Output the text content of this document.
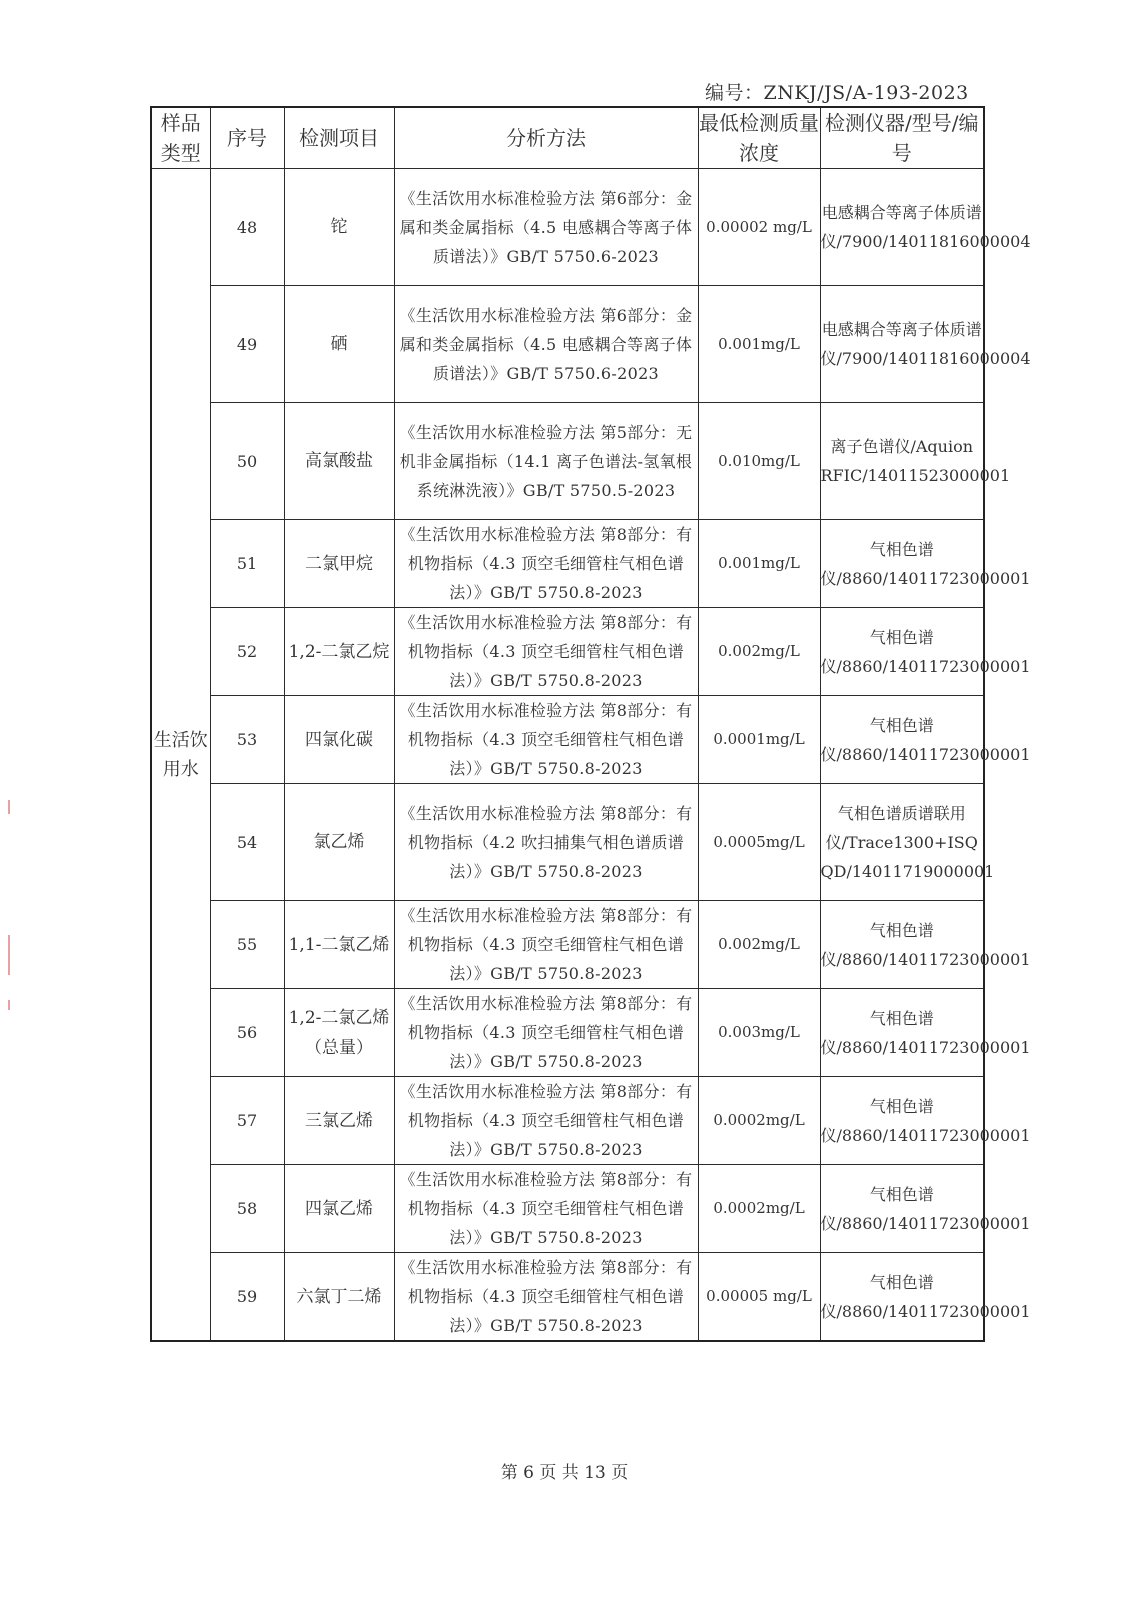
编号：ZNKJ/JS/A-193-2023
样品类型	序号	检测项目	分析方法	最低检测质量浓度	检测仪器/型号/编号
生活饮用水	48	铊	《生活饮用水标准检验方法 第6部分：金属和类金属指标（4.5 电感耦合等离子体质谱法）》GB/T 5750.6-2023	0.00002 mg/L	电感耦合等离子体质谱仪/7900/14011816000004
	49	硒	《生活饮用水标准检验方法 第6部分：金属和类金属指标（4.5 电感耦合等离子体质谱法）》GB/T 5750.6-2023	0.001mg/L	电感耦合等离子体质谱仪/7900/14011816000004
	50	高氯酸盐	《生活饮用水标准检验方法 第5部分：无机非金属指标（14.1 离子色谱法-氢氧根系统淋洗液）》GB/T 5750.5-2023	0.010mg/L	离子色谱仪/Aquion RFIC/14011523000001
	51	二氯甲烷	《生活饮用水标准检验方法 第8部分：有机物指标（4.3 顶空毛细管柱气相色谱法）》GB/T 5750.8-2023	0.001mg/L	气相色谱仪/8860/14011723000001
	52	1,2-二氯乙烷	《生活饮用水标准检验方法 第8部分：有机物指标（4.3 顶空毛细管柱气相色谱法）》GB/T 5750.8-2023	0.002mg/L	气相色谱仪/8860/14011723000001
	53	四氯化碳	《生活饮用水标准检验方法 第8部分：有机物指标（4.3 顶空毛细管柱气相色谱法）》GB/T 5750.8-2023	0.0001mg/L	气相色谱仪/8860/14011723000001
	54	氯乙烯	《生活饮用水标准检验方法 第8部分：有机物指标（4.2 吹扫捕集气相色谱质谱法）》GB/T 5750.8-2023	0.0005mg/L	气相色谱质谱联用仪/Trace1300+ISQ QD/14011719000001
	55	1,1-二氯乙烯	《生活饮用水标准检验方法 第8部分：有机物指标（4.3 顶空毛细管柱气相色谱法）》GB/T 5750.8-2023	0.002mg/L	气相色谱仪/8860/14011723000001
	56	1,2-二氯乙烯（总量）	《生活饮用水标准检验方法 第8部分：有机物指标（4.3 顶空毛细管柱气相色谱法）》GB/T 5750.8-2023	0.003mg/L	气相色谱仪/8860/14011723000001
	57	三氯乙烯	《生活饮用水标准检验方法 第8部分：有机物指标（4.3 顶空毛细管柱气相色谱法）》GB/T 5750.8-2023	0.0002mg/L	气相色谱仪/8860/14011723000001
	58	四氯乙烯	《生活饮用水标准检验方法 第8部分：有机物指标（4.3 顶空毛细管柱气相色谱法）》GB/T 5750.8-2023	0.0002mg/L	气相色谱仪/8860/14011723000001
	59	六氯丁二烯	《生活饮用水标准检验方法 第8部分：有机物指标（4.3 顶空毛细管柱气相色谱法）》GB/T 5750.8-2023	0.00005 mg/L	气相色谱仪/8860/14011723000001
第 6 页 共 13 页
